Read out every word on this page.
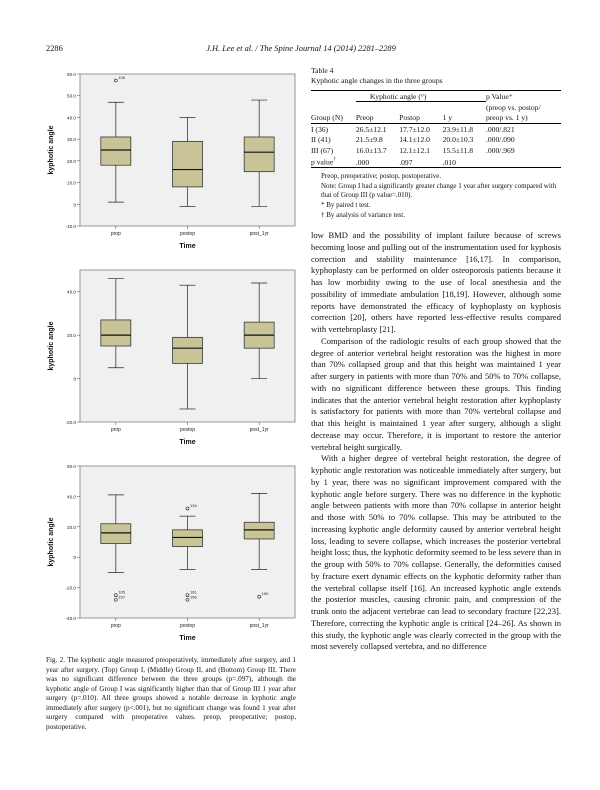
2286	J.H. Lee et al. / The Spine Journal 14 (2014) 2281–2289
60.0
50.0
40.0
30.0
20.0
10.0
0
-10.0
kyphotic angle
Time
prop	postop	post_1yr
106
40.0
20.0
0
-20.0
kyphotic angle
Time
prop	postop	post_1yr
60.0
40.0
20.0
0
-20.0
-40.0
kyphotic angle
Time
prop	postop	post_1yr
134
105
157
161
156
159
Fig. 2. The kyphotic angle measured preoperatively, immediately after surgery, and 1 year after surgery. (Top) Group I, (Middle) Group II, and (Bottom) Group III. There was no significant difference between the three groups (p=.097), although the kyphotic angle of Group I was significantly higher than that of Group III 1 year after surgery (p=.010). All three groups showed a notable decrease in kyphotic angle immediately after surgery (p<.001), but no significant change was found 1 year after surgery compared with preoperative values. preop, preoperative; postop, postoperative.
Table 4
Kyphotic angle changes in the three groups
	Kyphotic angle (°)			p Value*
				(preop vs. postop/
Group (N)	Preop	Postop	1 y	preop vs. 1 y)
I (36)	26.5±12.1	17.7±12.0	23.9±11.8	.000/.821
II (41)	21.5±9.8	14.1±12.0	20.0±10.3	.000/.090
III (67)	16.0±13.7	12.1±12.1	15.5±11.8	.000/.969
p value†	.000	.097	.010	

Preop, preoperative; postop, postoperative.

Note: Group I had a significantly greater change 1 year after surgery compared with that of Group III (p value=.010).

* By paired t test.

† By analysis of variance test.

low BMD and the possibility of implant failure because of screws becoming loose and pulling out of the instrumentation used for kyphosis correction and stability maintenance [16,17]. In comparison, kyphoplasty can be performed on older osteoporosis patients because it has low morbidity owing to the use of local anesthesia and the possibility of immediate ambulation [18,19]. However, although some reports have demonstrated the efficacy of kyphoplasty on kyphosis correction [20], others have reported less-effective results compared with vertebroplasty [21].

Comparison of the radiologic results of each group showed that the degree of anterior vertebral height restoration was the highest in more than 70% collapsed group and that this height was maintained 1 year after surgery in patients with more than 70% and 50% to 70% collapse, with no significant difference between these groups. This finding indicates that the anterior vertebral height restoration after kyphoplasty is satisfactory for patients with more than 70% vertebral collapse and that this height is maintained 1 year after surgery, although a slight decrease may occur. Therefore, it is important to restore the anterior vertebral height surgically.

With a higher degree of vertebral height restoration, the degree of kyphotic angle restoration was noticeable immediately after surgery, but by 1 year, there was no significant improvement compared with the kyphotic angle before surgery. There was no difference in the kyphotic angle between patients with more than 70% collapse in anterior height and those with 50% to 70% collapse. This may be attributed to the increasing kyphotic angle deformity caused by anterior vertebral height loss, leading to severe collapse, which increases the posterior vertebral height loss; thus, the kyphotic deformity seemed to be less severe than in the group with 50% to 70% collapse. Generally, the deformities caused by fracture exert dynamic effects on the kyphotic deformity rather than the vertebral collapse itself [16]. An increased kyphotic angle extends the posterior muscles, causing chronic pain, and compression of the trunk onto the adjacent vertebrae can lead to secondary fracture [22,23]. Therefore, correcting the kyphotic angle is critical [24–26]. As shown in this study, the kyphotic angle was clearly corrected in the group with the most severely collapsed vertebra, and no difference
